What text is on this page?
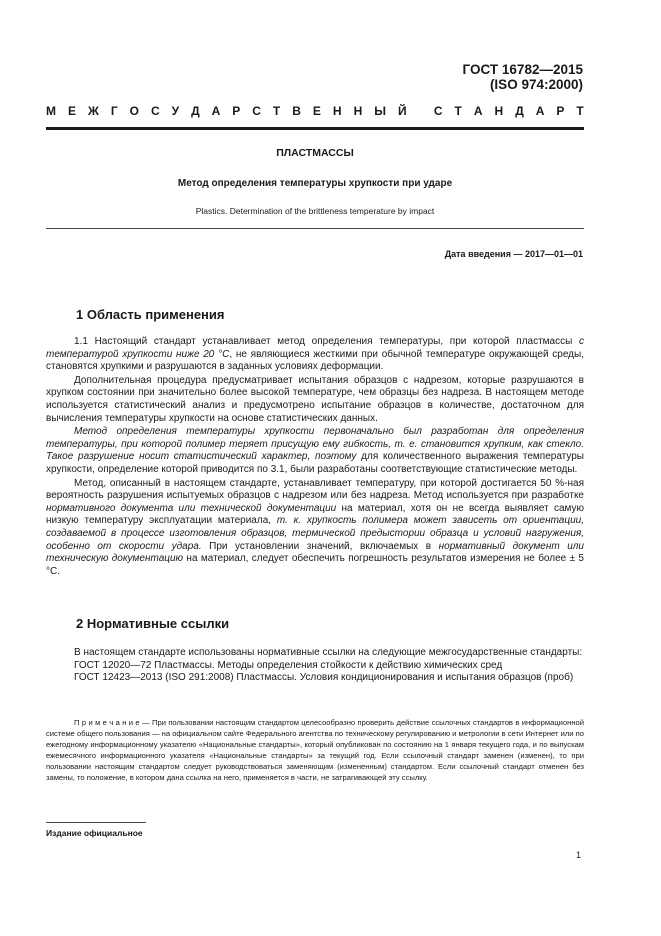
ГОСТ 16782—2015
(ISO 974:2000)
М Е Ж Г О С У Д А Р С Т В Е Н Н Ы Й
С Т А Н Д А Р Т
ПЛАСТМАССЫ
Метод определения температуры хрупкости при ударе
Plastics. Determination of the brittleness temperature by impact
Дата введения — 2017—01—01
1 Область применения

1.1 Настоящий стандарт устанавливает метод определения температуры, при которой пластмассы с температурой хрупкости ниже 20 °С, не являющиеся жесткими при обычной температуре окружающей среды, становятся хрупкими и разрушаются в заданных условиях деформации.

Дополнительная процедура предусматривает испытания образцов с надрезом, которые разрушаются в хрупком состоянии при значительно более высокой температуре, чем образцы без надреза. В настоящем методе используется статистический анализ и предусмотрено испытание образцов в количестве, достаточном для вычисления температуры хрупкости на основе статистических данных.

Метод определения температуры хрупкости первоначально был разработан для определения температуры, при которой полимер теряет присущую ему гибкость, т. е. становится хрупким, как стекло. Такое разрушение носит статистический характер, поэтому для количественного выражения температуры хрупкости, определение которой приводится по 3.1, были разработаны соответствующие статистические методы.

Метод, описанный в настоящем стандарте, устанавливает температуру, при которой достигается 50 %-ная вероятность разрушения испытуемых образцов с надрезом или без надреза. Метод используется при разработке нормативного документа или технической документации на материал, хотя он не всегда выявляет самую низкую температуру эксплуатации материала, т. к. хрупкость полимера может зависеть от ориентации, создаваемой в процессе изготовления образцов, термической предыстории образца и условий нагружения, особенно от скорости удара. При установлении значений, включаемых в нормативный документ или техническую документацию на материал, следует обеспечить погрешность результатов измерения не более ± 5 °С.

2 Нормативные ссылки

В настоящем стандарте использованы нормативные ссылки на следующие межгосударственные стандарты:

ГОСТ 12020—72 Пластмассы. Методы определения стойкости к действию химических сред

ГОСТ 12423—2013 (ISO 291:2008) Пластмассы. Условия кондиционирования и испытания образцов (проб)

П р и м е ч а н и е — При пользовании настоящим стандартом целесообразно проверить действие ссылочных стандартов в информационной системе общего пользования — на официальном сайте Федерального агентства по техническому регулированию и метрологии в сети Интернет или по ежегодному информационному указателю «Национальные стандарты», который опубликован по состоянию на 1 января текущего года, и по выпускам ежемесячного информационного указателя «Национальные стандарты» за текущий год. Если ссылочный стандарт заменен (изменен), то при пользовании настоящим стандартом следует руководствоваться заменяющим (измененным) стандартом. Если ссылочный стандарт отменен без замены, то положение, в котором дана ссылка на него, применяется в части, не затрагивающей эту ссылку.

Издание официальное
1
